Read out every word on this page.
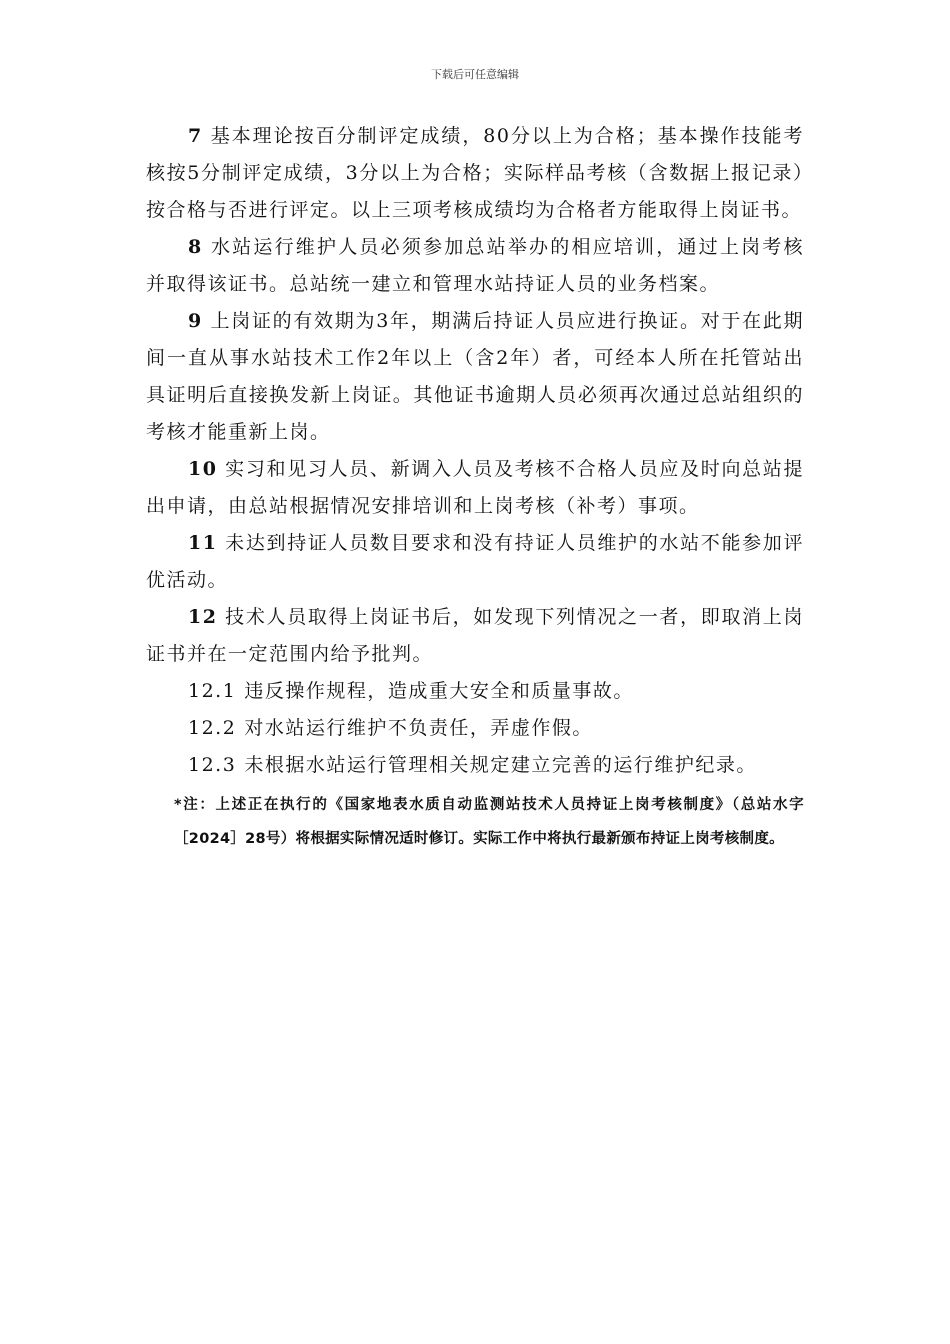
下载后可任意编辑

7 基本理论按百分制评定成绩，80分以上为合格；基本操作技能考核按5分制评定成绩，3分以上为合格；实际样品考核（含数据上报记录）按合格与否进行评定。以上三项考核成绩均为合格者方能取得上岗证书。

8 水站运行维护人员必须参加总站举办的相应培训，通过上岗考核并取得该证书。总站统一建立和管理水站持证人员的业务档案。

9 上岗证的有效期为3年，期满后持证人员应进行换证。对于在此期间一直从事水站技术工作2年以上（含2年）者，可经本人所在托管站出具证明后直接换发新上岗证。其他证书逾期人员必须再次通过总站组织的考核才能重新上岗。

10 实习和见习人员、新调入人员及考核不合格人员应及时向总站提出申请，由总站根据情况安排培训和上岗考核（补考）事项。

11 未达到持证人员数目要求和没有持证人员维护的水站不能参加评优活动。

12 技术人员取得上岗证书后，如发现下列情况之一者，即取消上岗证书并在一定范围内给予批判。

12.1 违反操作规程，造成重大安全和质量事故。

12.2 对水站运行维护不负责任，弄虚作假。

12.3 未根据水站运行管理相关规定建立完善的运行维护纪录。

*注：上述正在执行的《国家地表水质自动监测站技术人员持证上岗考核制度》（总站水字［2024］28号）将根据实际情况适时修订。实际工作中将执行最新颁布持证上岗考核制度。
